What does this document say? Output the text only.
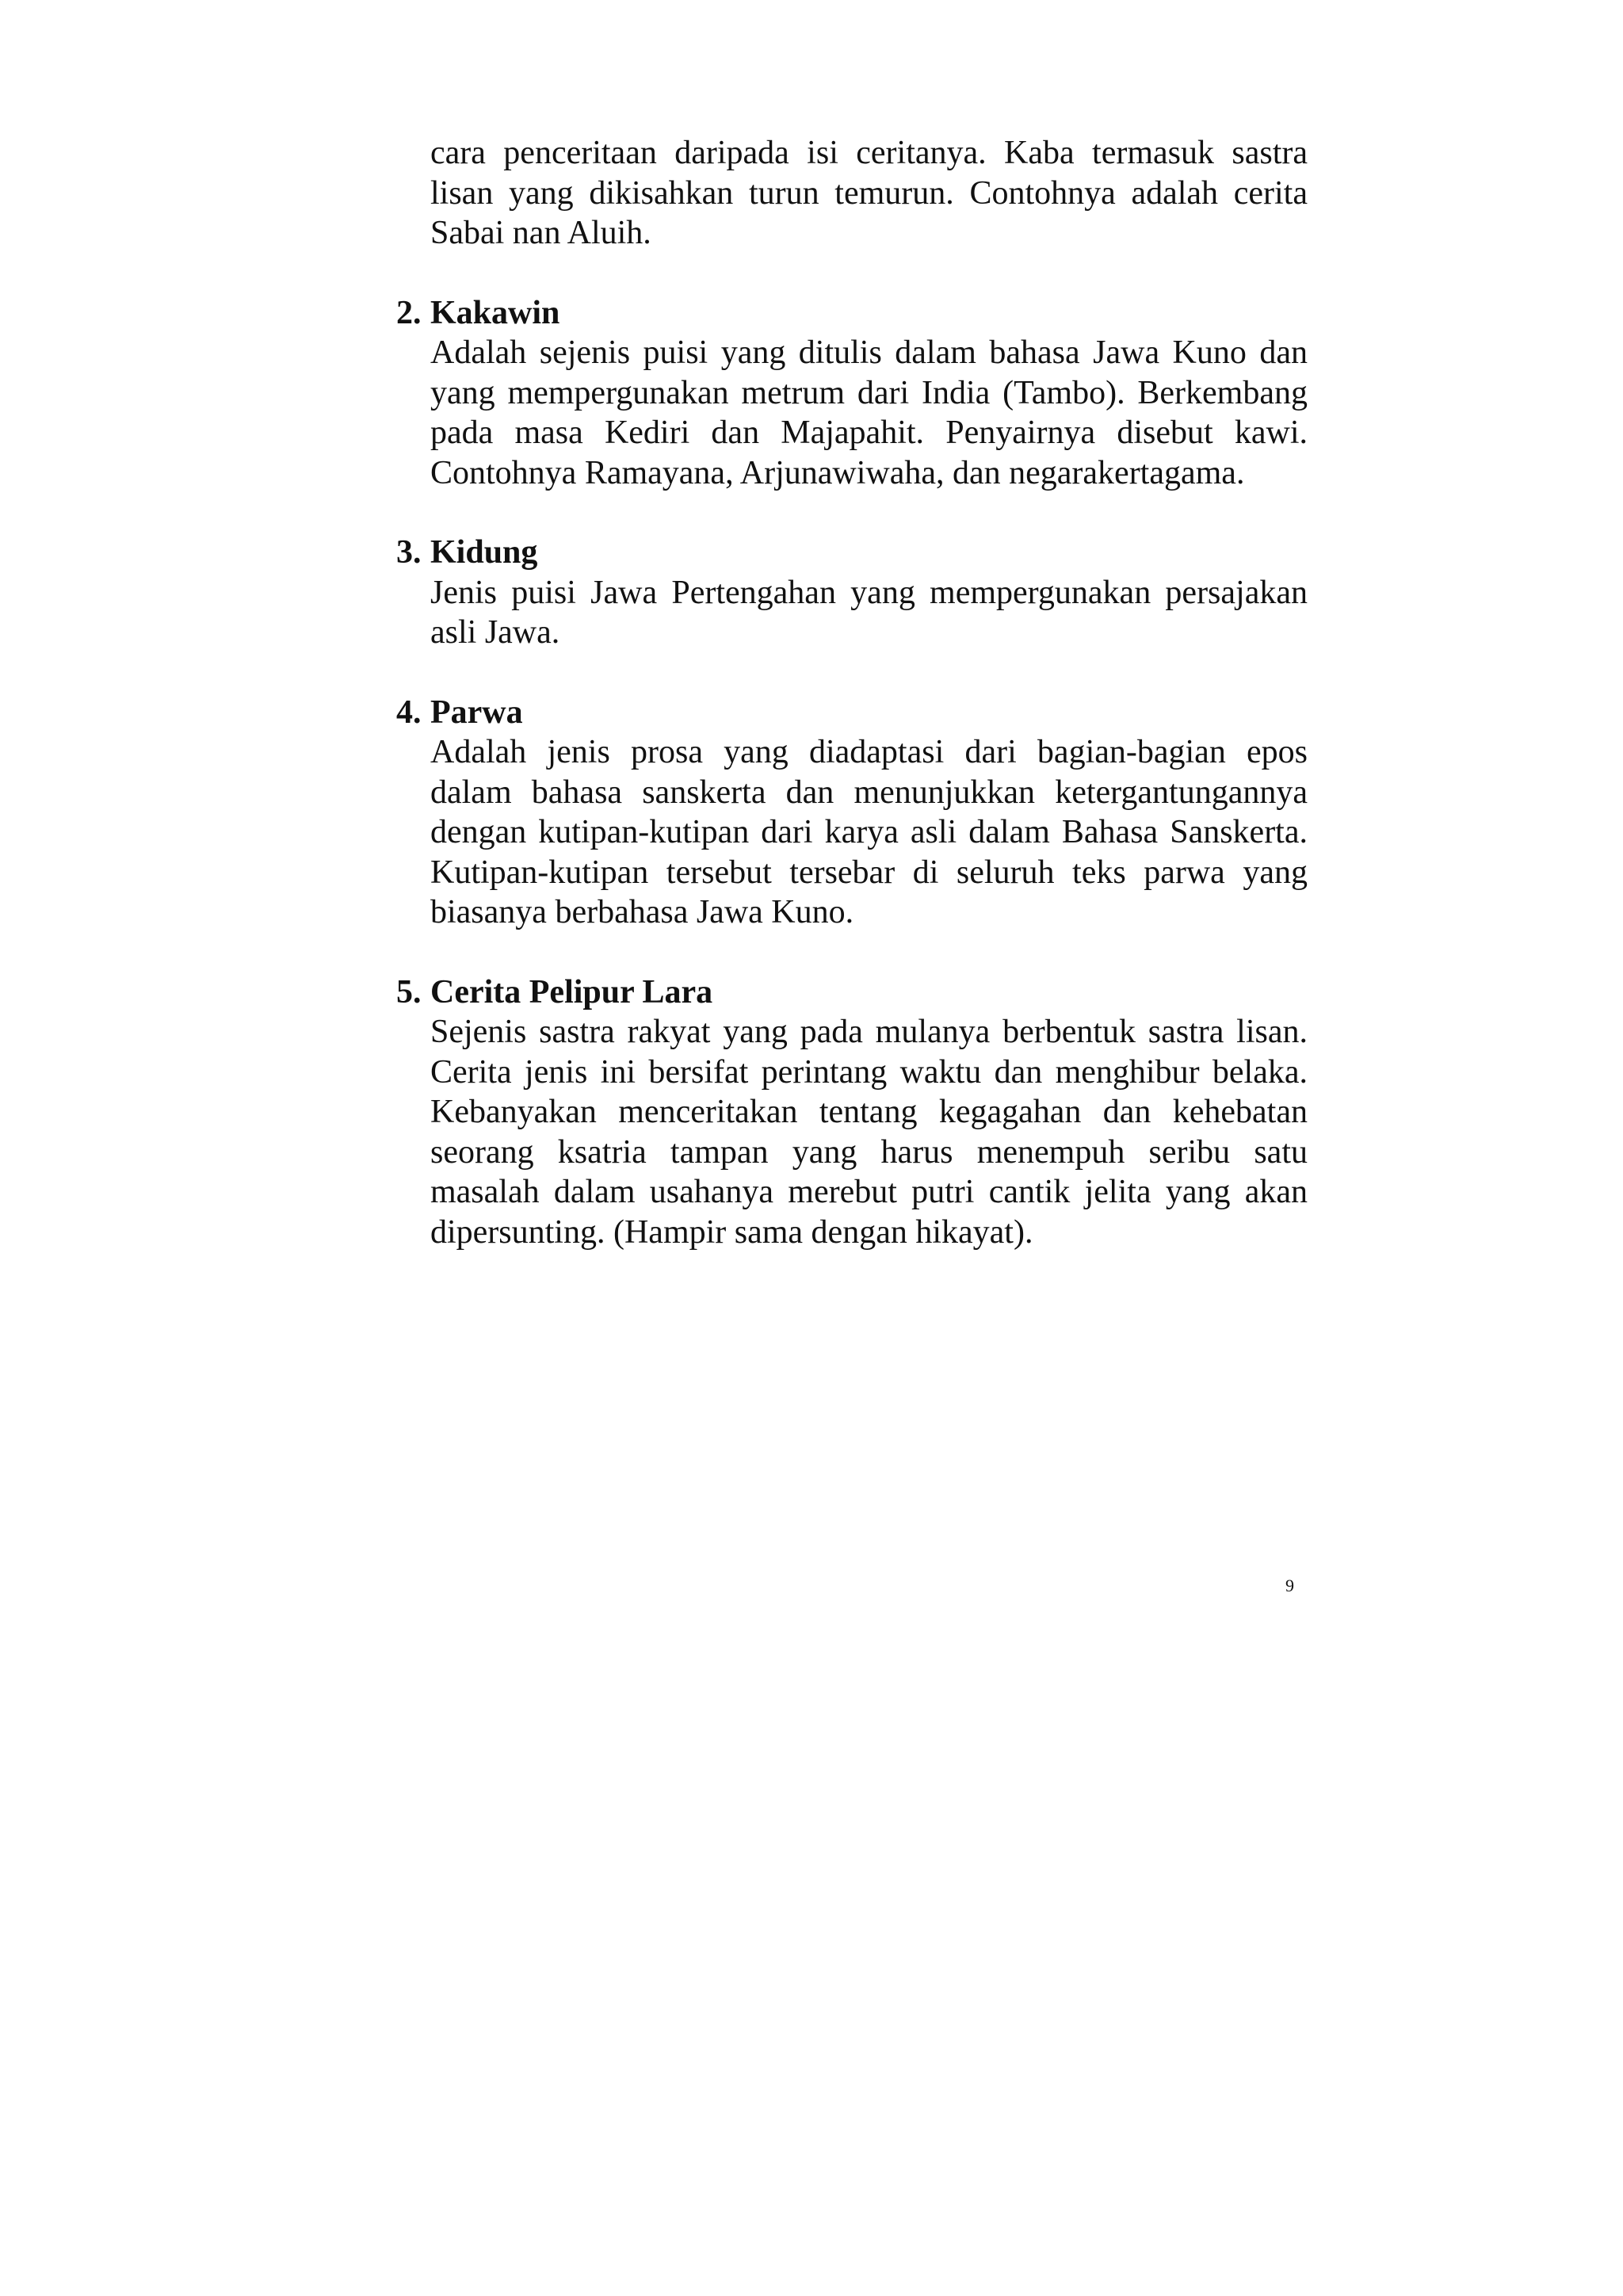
cara penceritaan daripada isi ceritanya. Kaba termasuk sastra lisan yang dikisahkan turun temurun. Contohnya adalah cerita Sabai nan Aluih.

2. Kakawin

Adalah sejenis puisi yang ditulis dalam bahasa Jawa Kuno dan yang mempergunakan metrum dari India (Tambo). Berkembang pada masa Kediri dan Majapahit. Penyairnya disebut kawi. Contohnya Ramayana, Arjunawiwaha, dan negarakertagama.

3. Kidung

Jenis puisi Jawa Pertengahan yang mempergunakan persajakan asli Jawa.

4. Parwa

Adalah jenis prosa yang diadaptasi dari bagian-bagian epos dalam bahasa sanskerta dan menunjukkan ketergantungannya dengan kutipan-kutipan dari karya asli dalam Bahasa Sanskerta. Kutipan-kutipan tersebut tersebar di seluruh teks parwa yang biasanya berbahasa Jawa Kuno.

5. Cerita Pelipur Lara

Sejenis sastra rakyat yang pada mulanya berbentuk sastra lisan. Cerita jenis ini bersifat perintang waktu dan menghibur belaka. Kebanyakan menceritakan tentang kegagahan dan kehebatan seorang ksatria tampan yang harus menempuh seribu satu masalah dalam usahanya merebut putri cantik jelita yang akan dipersunting. (Hampir sama dengan hikayat).

9
